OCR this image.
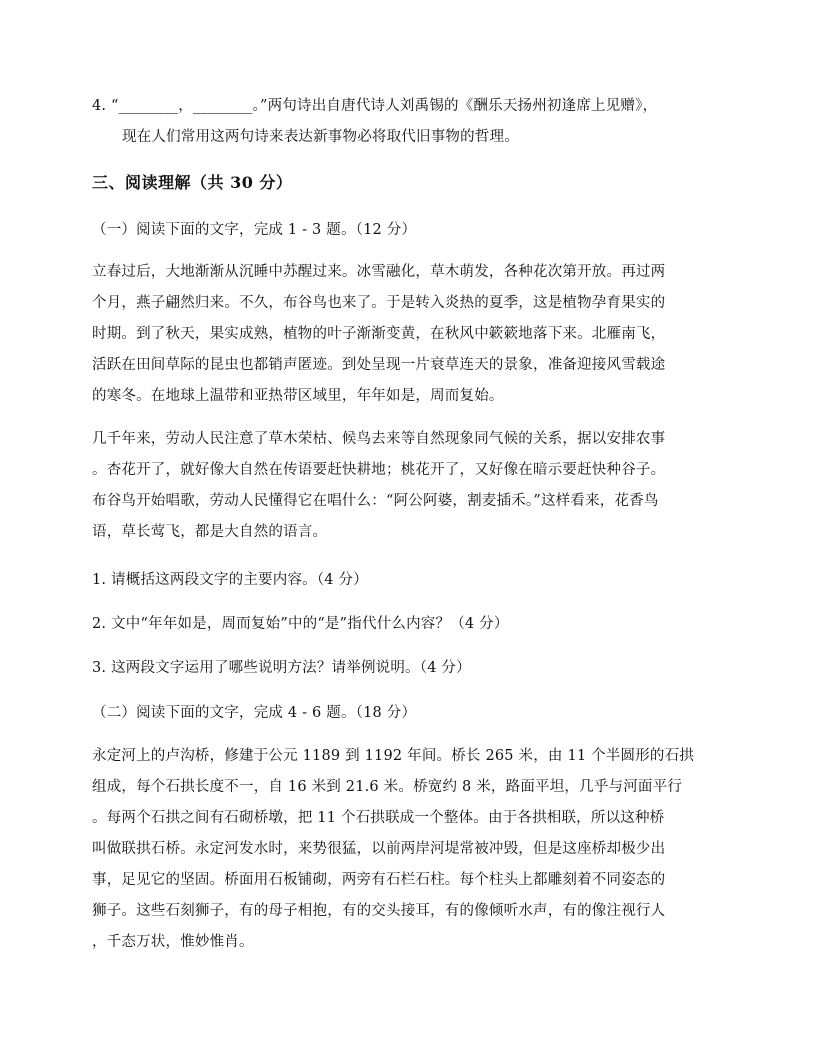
4. “________，________。”两句诗出自唐代诗人刘禹锡的《酬乐天扬州初逢席上见赠》，
现在人们常用这两句诗来表达新事物必将取代旧事物的哲理。
三、阅读理解（共 30 分）
（一）阅读下面的文字，完成 1 - 3 题。（12 分）
立春过后，大地渐渐从沉睡中苏醒过来。冰雪融化，草木萌发，各种花次第开放。再过两
个月，燕子翩然归来。不久，布谷鸟也来了。于是转入炎热的夏季，这是植物孕育果实的
时期。到了秋天，果实成熟，植物的叶子渐渐变黄，在秋风中簌簌地落下来。北雁南飞，
活跃在田间草际的昆虫也都销声匿迹。到处呈现一片衰草连天的景象，准备迎接风雪载途
的寒冬。在地球上温带和亚热带区域里，年年如是，周而复始。
几千年来，劳动人民注意了草木荣枯、候鸟去来等自然现象同气候的关系，据以安排农事
。杏花开了，就好像大自然在传语要赶快耕地；桃花开了，又好像在暗示要赶快种谷子。
布谷鸟开始唱歌，劳动人民懂得它在唱什么：“阿公阿婆，割麦插禾。”这样看来，花香鸟
语，草长莺飞，都是大自然的语言。
1. 请概括这两段文字的主要内容。（4 分）
2. 文中“年年如是，周而复始”中的“是”指代什么内容？（4 分）
3. 这两段文字运用了哪些说明方法？请举例说明。（4 分）
（二）阅读下面的文字，完成 4 - 6 题。（18 分）
永定河上的卢沟桥，修建于公元 1189 到 1192 年间。桥长 265 米，由 11 个半圆形的石拱
组成，每个石拱长度不一，自 16 米到 21.6 米。桥宽约 8 米，路面平坦，几乎与河面平行
。每两个石拱之间有石砌桥墩，把 11 个石拱联成一个整体。由于各拱相联，所以这种桥
叫做联拱石桥。永定河发水时，来势很猛，以前两岸河堤常被冲毁，但是这座桥却极少出
事，足见它的坚固。桥面用石板铺砌，两旁有石栏石柱。每个柱头上都雕刻着不同姿态的
狮子。这些石刻狮子，有的母子相抱，有的交头接耳，有的像倾听水声，有的像注视行人
，千态万状，惟妙惟肖。
